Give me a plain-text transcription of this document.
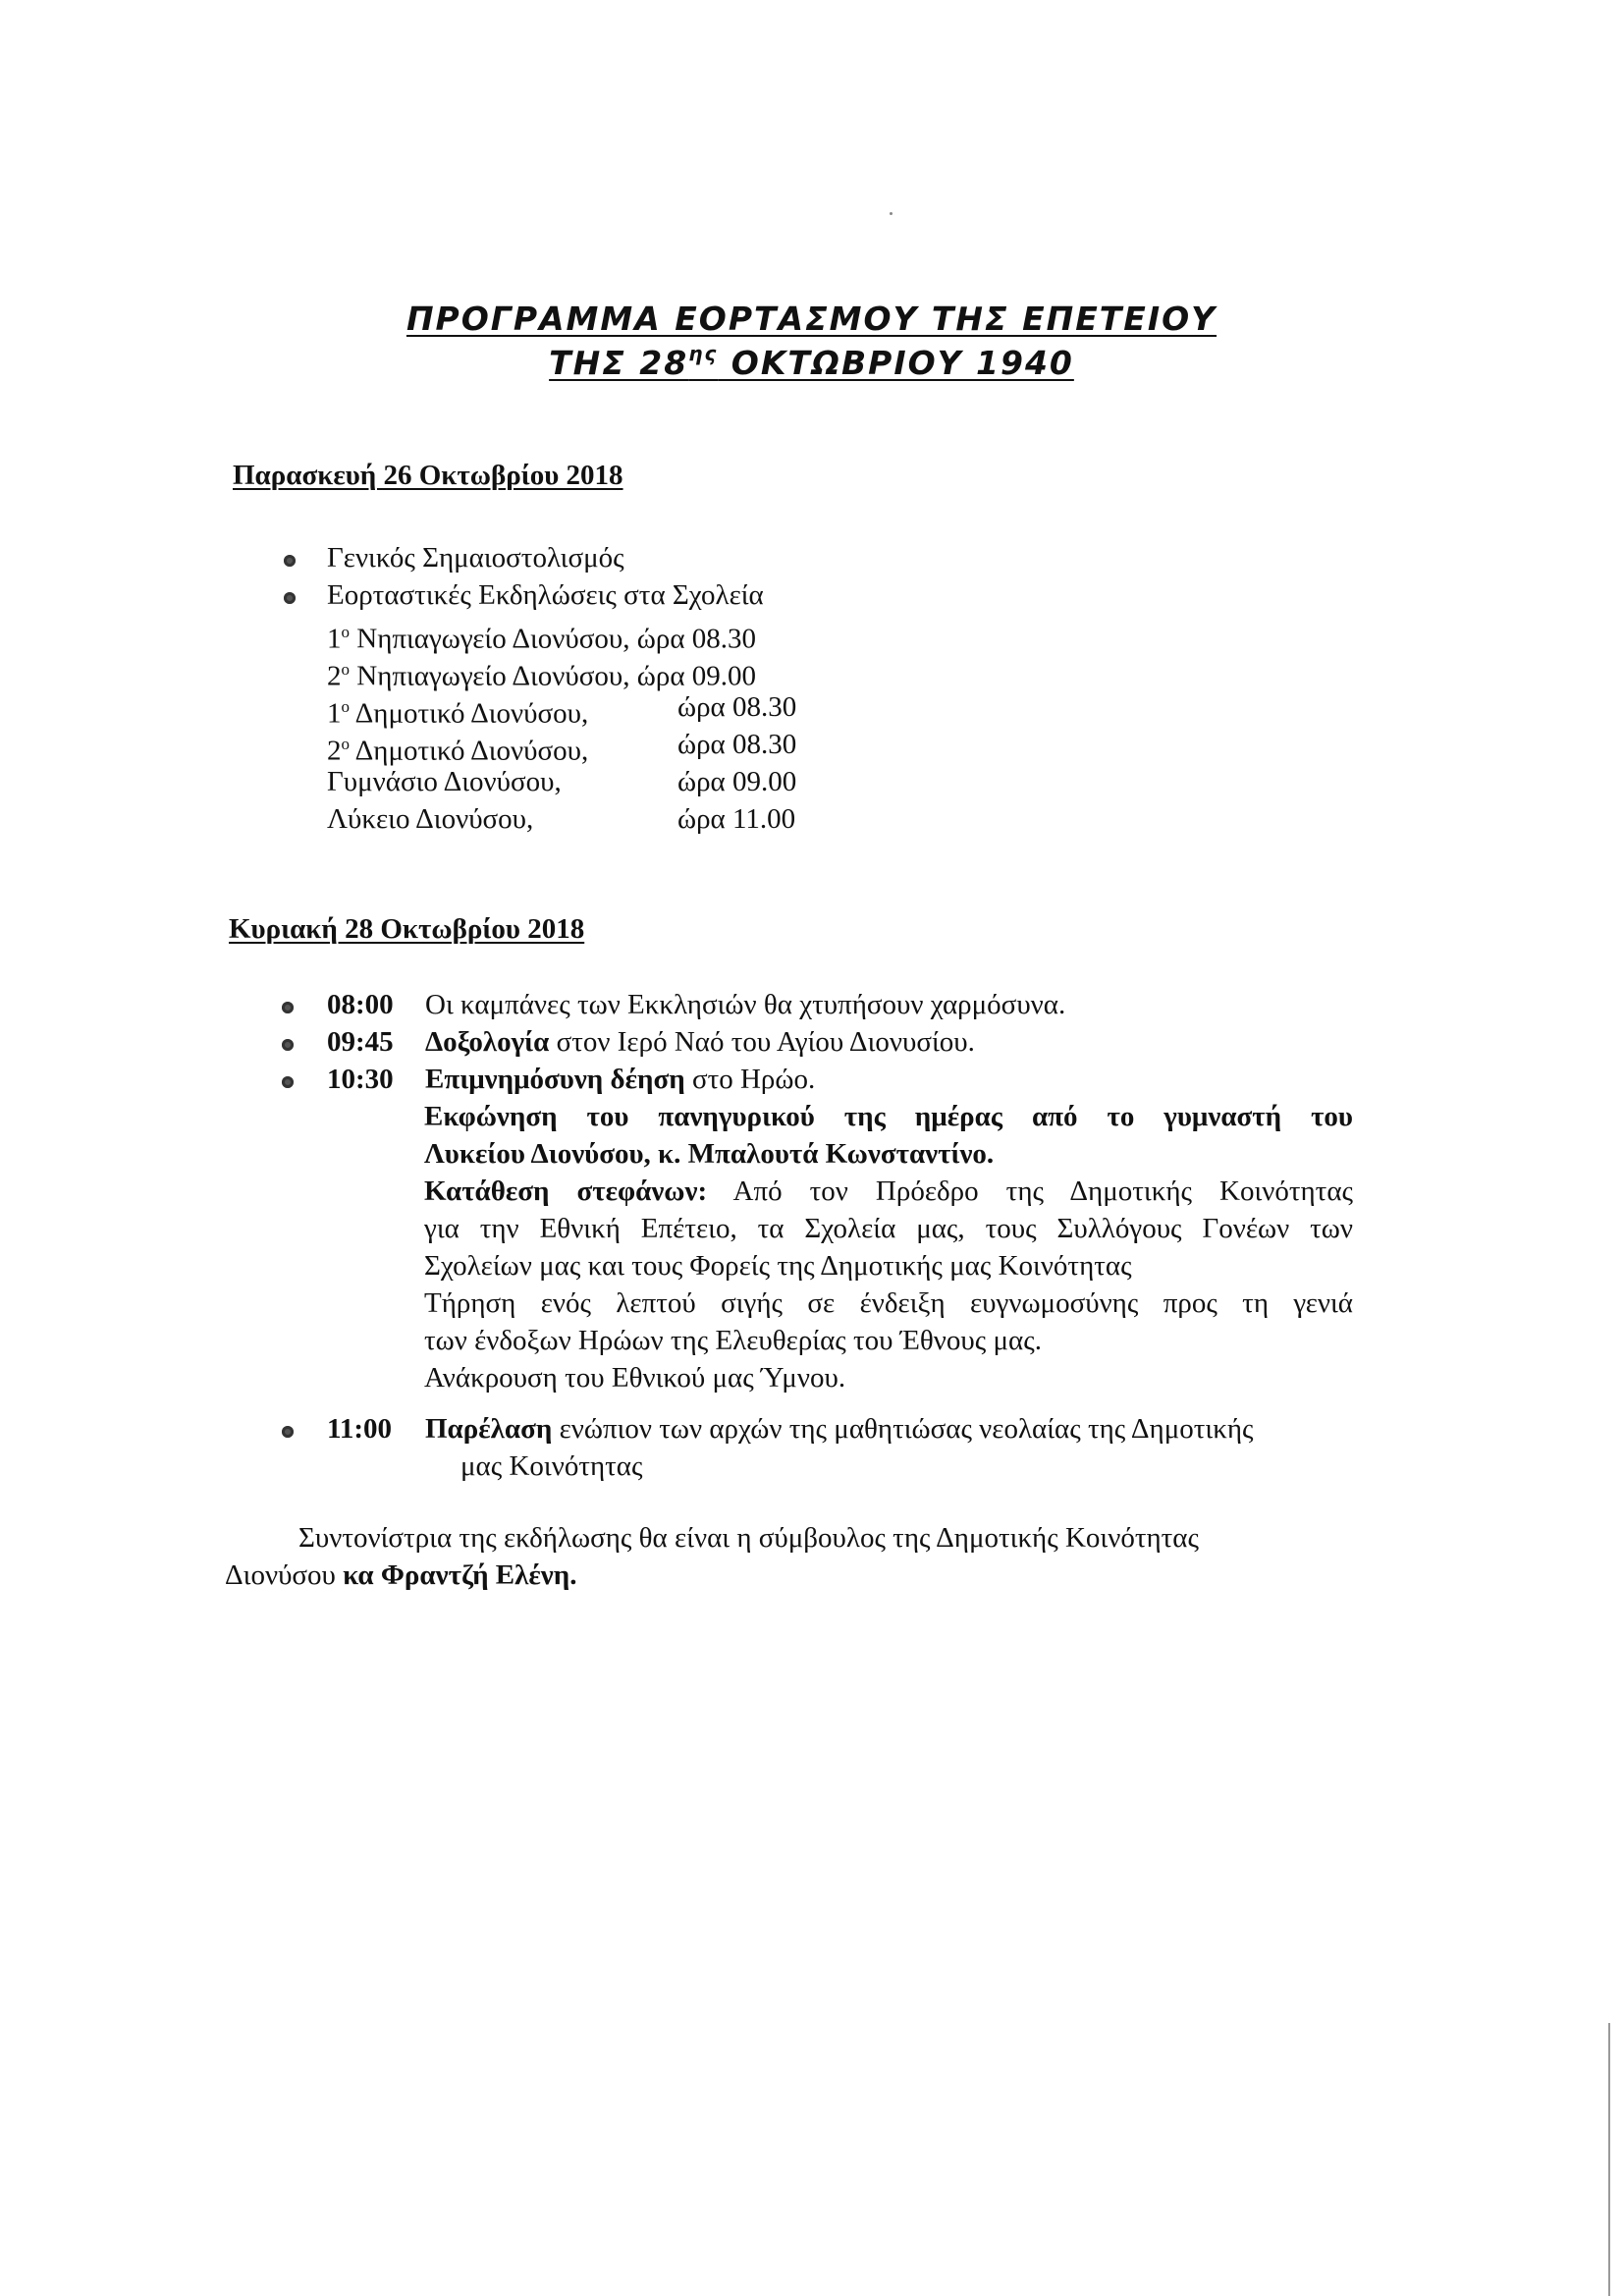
ΠΡΟΓΡΑΜΜΑ ΕΟΡΤΑΣΜΟΥ ΤΗΣ ΕΠΕΤΕΙΟΥ
ΤΗΣ $28^{\eta\varsigma}$ ΟΚΤΩΒΡΙΟΥ 1940
Παρασκευή 26 Οκτωβρίου 2018
Γενικός Σημαιοστολισμός
Εορταστικές Εκδηλώσεις στα Σχολεία
$1^o$ Νηπιαγωγείο Διονύσου, ώρα 08.30
$2^o$ Νηπιαγωγείο Διονύσου, ώρα 09.00
$1^o$ Δημοτικό Διονύσου,	ώρα 08.30
$2^o$ Δημοτικό Διονύσου,	ώρα 08.30
Γυμνάσιο Διονύσου,	ώρα 09.00
Λύκειο Διονύσου,	ώρα 11.00
Κυριακή 28 Οκτωβρίου 2018
08:00 Οι καμπάνες των Εκκλησιών θα χτυπήσουν χαρμόσυνα.
09:45 Δοξολογία στον Ιερό Ναό του Αγίου Διονυσίου.
10:30 Επιμνημόσυνη δέηση στο Ηρώο.
Εκφώνηση του πανηγυρικού της ημέρας από το γυμναστή του
Λυκείου Διονύσου, κ. Μπαλουτά Κωνσταντίνο.
Κατάθεση στεφάνων: Από τον Πρόεδρο της Δημοτικής Κοινότητας
για την Εθνική Επέτειο, τα Σχολεία μας, τους Συλλόγους Γονέων των
Σχολείων μας και τους Φορείς της Δημοτικής μας Κοινότητας
Τήρηση ενός λεπτού σιγής σε ένδειξη ευγνωμοσύνης προς τη γενιά
των ένδοξων Ηρώων της Ελευθερίας του Έθνους μας.
Ανάκρουση του Εθνικού μας Ύμνου.
11:00 Παρέλαση ενώπιον των αρχών της μαθητιώσας νεολαίας της Δημοτικής
μας Κοινότητας
Συντονίστρια της εκδήλωσης θα είναι η σύμβουλος της Δημοτικής Κοινότητας
Διονύσου κα Φραντζή Ελένη.
